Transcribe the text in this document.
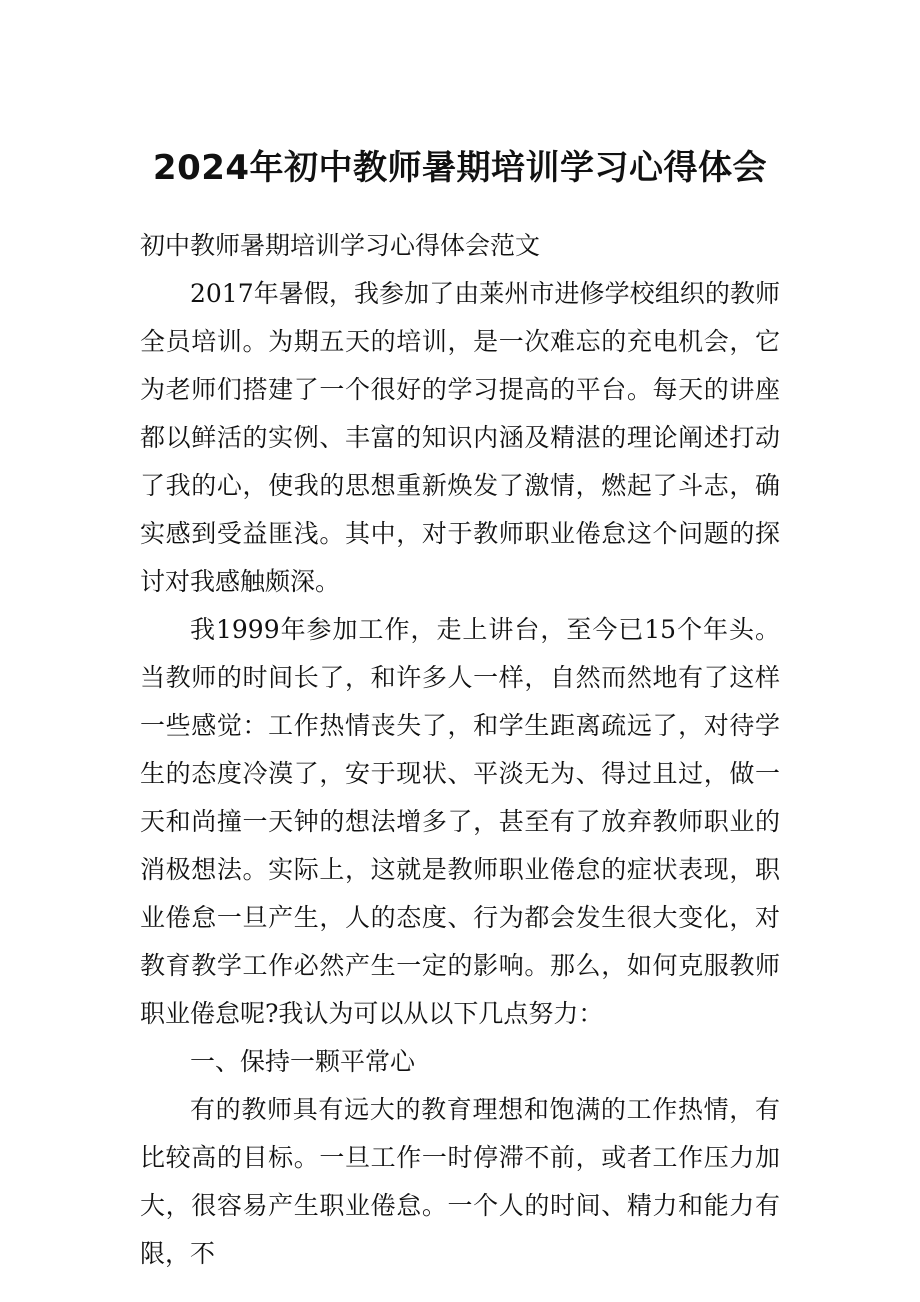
2024年初中教师暑期培训学习心得体会

初中教师暑期培训学习心得体会范文

2017年暑假，我参加了由莱州市进修学校组织的教师全员培训。为期五天的培训，是一次难忘的充电机会，它为老师们搭建了一个很好的学习提高的平台。每天的讲座都以鲜活的实例、丰富的知识内涵及精湛的理论阐述打动了我的心，使我的思想重新焕发了激情，燃起了斗志，确实感到受益匪浅。其中，对于教师职业倦怠这个问题的探讨对我感触颇深。

我1999年参加工作，走上讲台，至今已15个年头。当教师的时间长了，和许多人一样，自然而然地有了这样一些感觉：工作热情丧失了，和学生距离疏远了，对待学生的态度冷漠了，安于现状、平淡无为、得过且过，做一天和尚撞一天钟的想法增多了，甚至有了放弃教师职业的消极想法。实际上，这就是教师职业倦怠的症状表现，职业倦怠一旦产生，人的态度、行为都会发生很大变化，对教育教学工作必然产生一定的影响。那么，如何克服教师职业倦怠呢?我认为可以从以下几点努力：

一、保持一颗平常心

有的教师具有远大的教育理想和饱满的工作热情，有比较高的目标。一旦工作一时停滞不前，或者工作压力加大，很容易产生职业倦怠。一个人的时间、精力和能力有限，不
